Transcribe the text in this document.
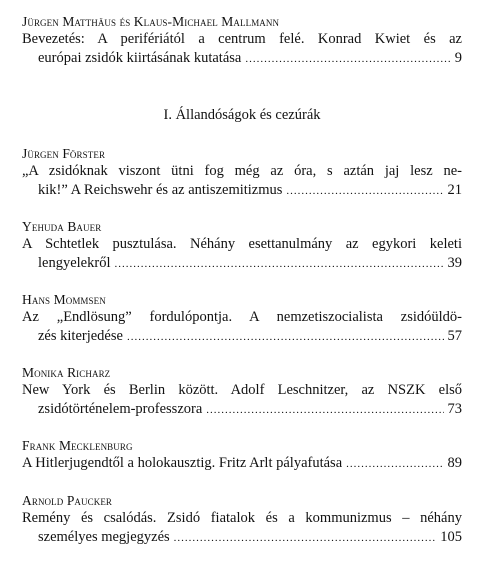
Jürgen Matthäus és Klaus-Michael Mallmann
Bevezetés: A perifériától a centrum felé. Konrad Kwiet és az
európai zsidók kiirtásának kutatása .....	9
I. Állandóságok és cezúrák
Jürgen Förster
„A zsidóknak viszont ütni fog még az óra, s aztán jaj lesz ne-
kik!” A Reichswehr és az antiszemitizmus .....	21
Yehuda Bauer
A Schtetlek pusztulása. Néhány esettanulmány az egykori keleti
lengyelekről .....	39
Hans Mommsen
Az „Endlösung” fordulópontja. A nemzetiszocialista zsidóüldö-
zés kiterjedése .....	57
Monika Richarz
New York és Berlin között. Adolf Leschnitzer, az NSZK első
zsidótörténelem-professzora .....	73
Frank Mecklenburg
A Hitlerjugendtől a holokausztig. Fritz Arlt pályafutása .....	89
Arnold Paucker
Remény és csalódás. Zsidó fiatalok és a kommunizmus – néhány
személyes megjegyzés .....	105
